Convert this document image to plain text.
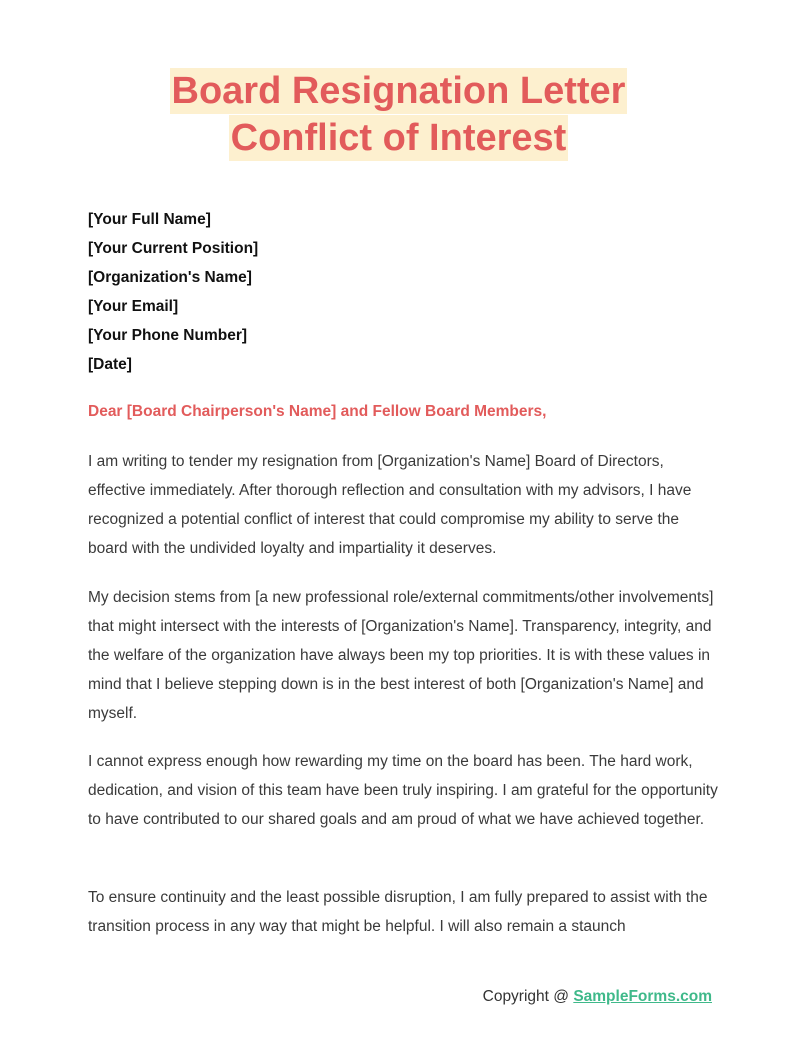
Board Resignation Letter
Conflict of Interest
[Your Full Name]
[Your Current Position]
[Organization's Name]
[Your Email]
[Your Phone Number]
[Date]
Dear [Board Chairperson's Name] and Fellow Board Members,

I am writing to tender my resignation from [Organization's Name] Board of Directors, effective immediately. After thorough reflection and consultation with my advisors, I have recognized a potential conflict of interest that could compromise my ability to serve the board with the undivided loyalty and impartiality it deserves.

My decision stems from [a new professional role/external commitments/other involvements] that might intersect with the interests of [Organization's Name]. Transparency, integrity, and the welfare of the organization have always been my top priorities. It is with these values in mind that I believe stepping down is in the best interest of both [Organization's Name] and myself.

I cannot express enough how rewarding my time on the board has been. The hard work, dedication, and vision of this team have been truly inspiring. I am grateful for the opportunity to have contributed to our shared goals and am proud of what we have achieved together.

To ensure continuity and the least possible disruption, I am fully prepared to assist with the transition process in any way that might be helpful. I will also remain a staunch

Copyright @ SampleForms.com
